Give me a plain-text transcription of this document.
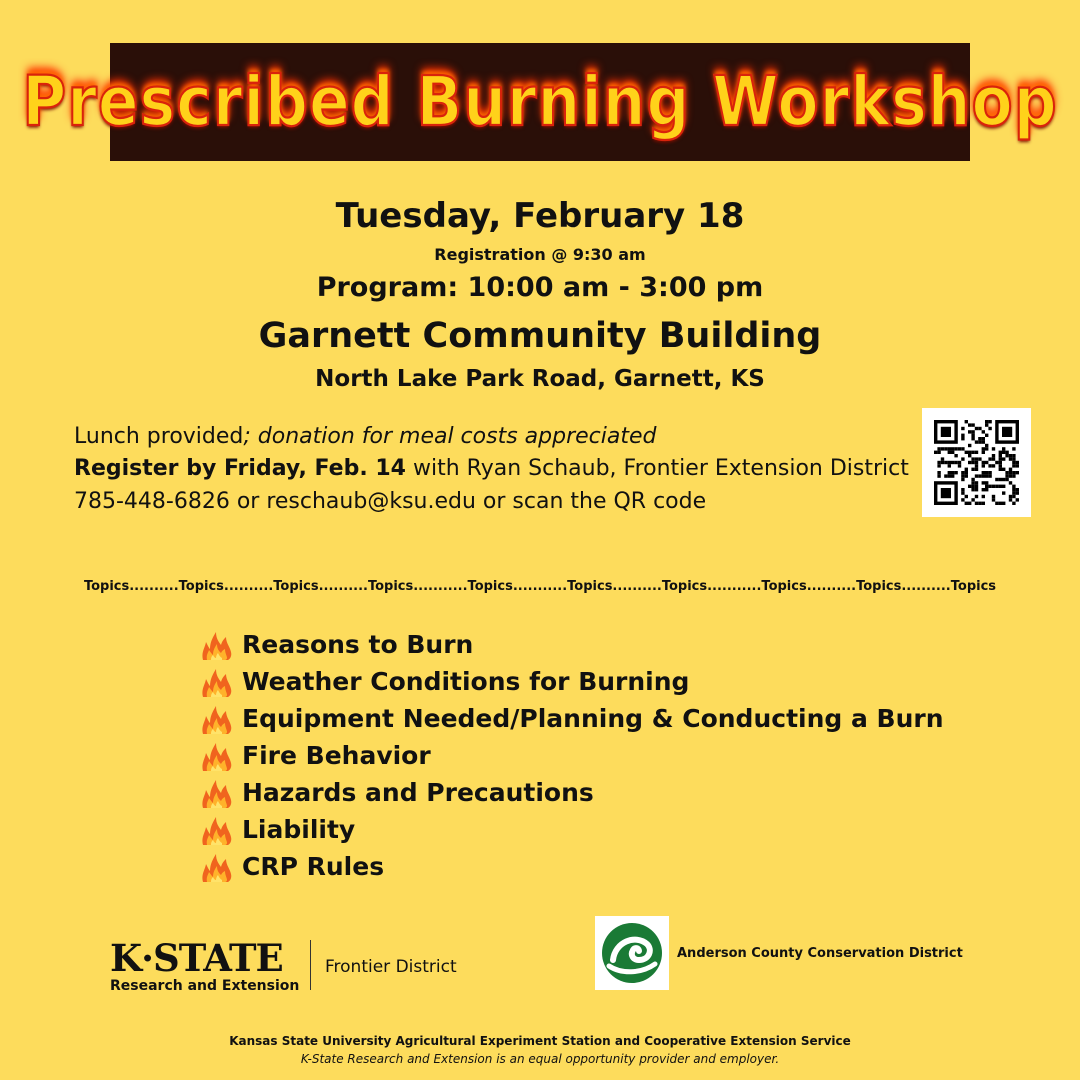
Prescribed Burning Workshop
Tuesday, February 18
Registration @ 9:30 am
Program: 10:00 am - 3:00 pm
Garnett Community Building
North Lake Park Road, Garnett, KS
Lunch provided; donation for meal costs appreciated
Register by Friday, Feb. 14 with Ryan Schaub, Frontier Extension District
785-448-6826 or reschaub@ksu.edu or scan the QR code
Topics..........Topics..........Topics..........Topics...........Topics...........Topics..........Topics...........Topics..........Topics..........Topics
Reasons to Burn
Weather Conditions for Burning
Equipment Needed/Planning & Conducting a Burn
Fire Behavior
Hazards and Precautions
Liability
CRP Rules
K·STATE
Research and Extension
Frontier District
Anderson County Conservation District
Kansas State University Agricultural Experiment Station and Cooperative Extension Service
K-State Research and Extension is an equal opportunity provider and employer.
